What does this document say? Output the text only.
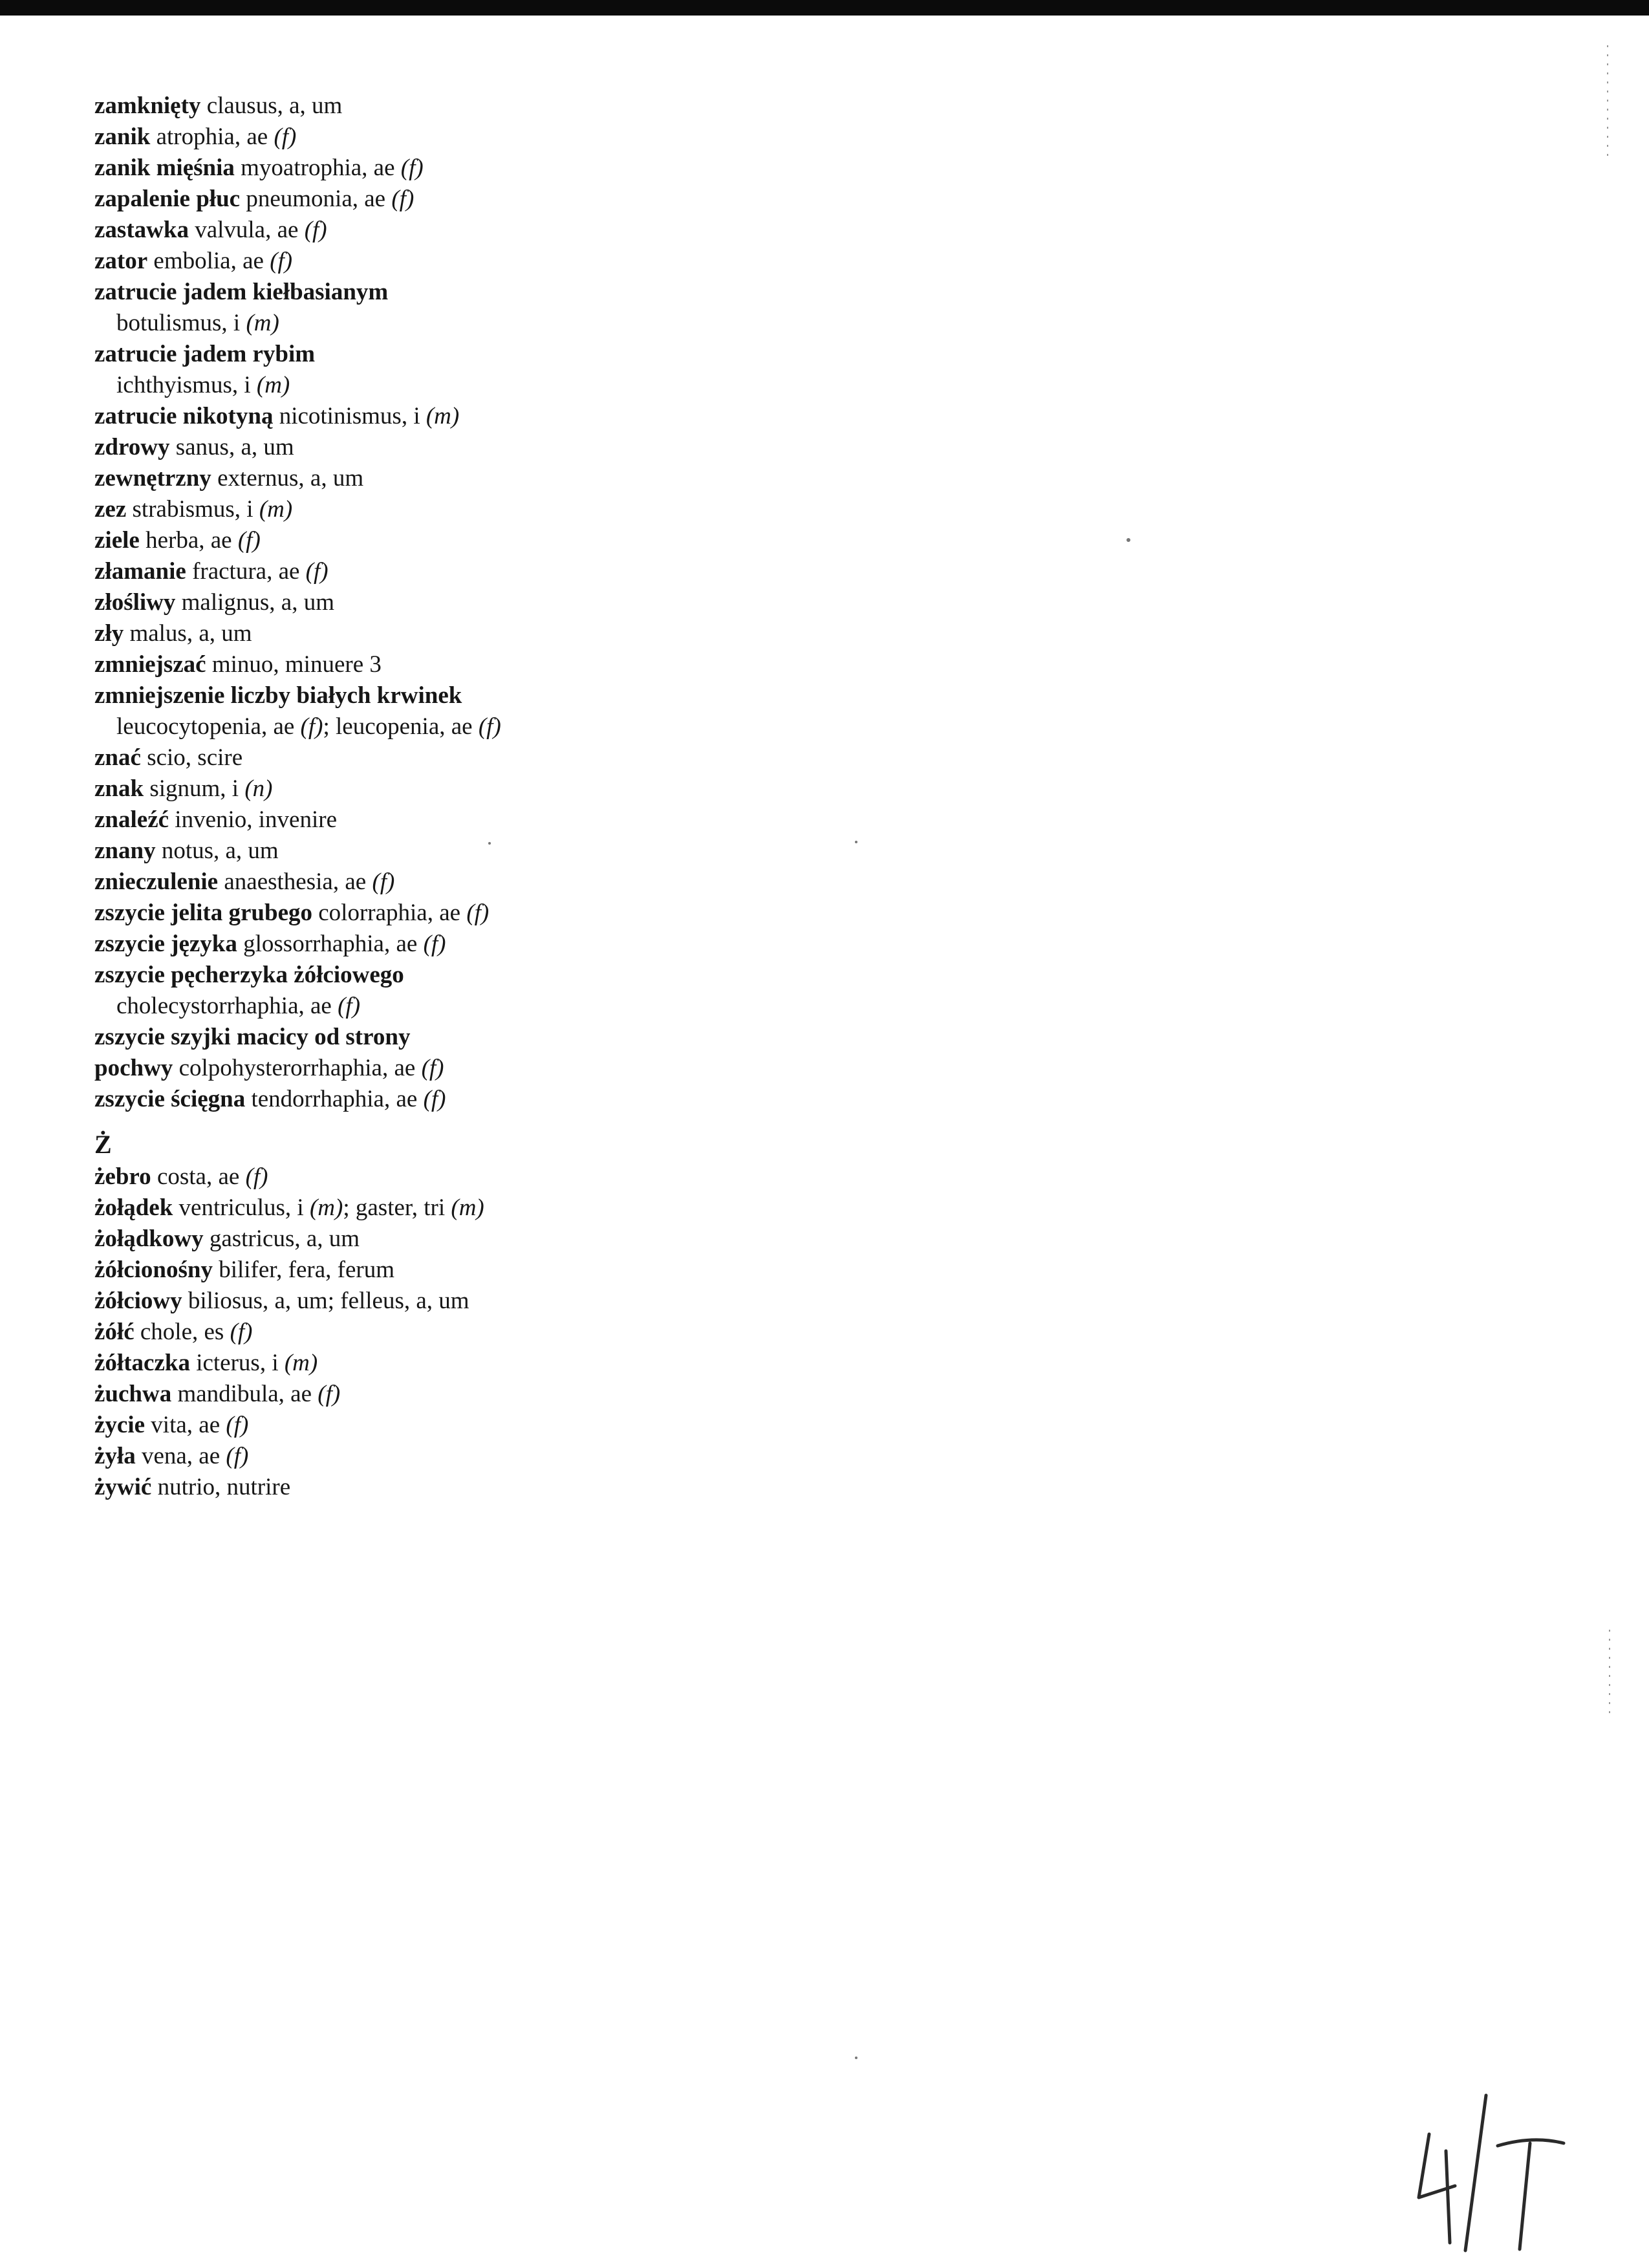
zamknięty clausus, a, um
zanik atrophia, ae (f)
zanik mięśnia myoatrophia, ae (f)
zapalenie płuc pneumonia, ae (f)
zastawka valvula, ae (f)
zator embolia, ae (f)
zatrucie jadem kiełbasianym
botulismus, i (m)
zatrucie jadem rybim
ichthyismus, i (m)
zatrucie nikotyną nicotinismus, i (m)
zdrowy sanus, a, um
zewnętrzny externus, a, um
zez strabismus, i (m)
ziele herba, ae (f)
złamanie fractura, ae (f)
złośliwy malignus, a, um
zły malus, a, um
zmniejszać minuo, minuere 3
zmniejszenie liczby białych krwinek
leucocytopenia, ae (f); leucopenia, ae (f)
znać scio, scire
znak signum, i (n)
znaleźć invenio, invenire
znany notus, a, um
znieczulenie anaesthesia, ae (f)
zszycie jelita grubego colorraphia, ae (f)
zszycie języka glossorrhaphia, ae (f)
zszycie pęcherzyka żółciowego
cholecystorrhaphia, ae (f)
zszycie szyjki macicy od strony
pochwy colpohysterorrhaphia, ae (f)
zszycie ścięgna tendorrhaphia, ae (f)
Ż
żebro costa, ae (f)
żołądek ventriculus, i (m); gaster, tri (m)
żołądkowy gastricus, a, um
żółcionośny bilifer, fera, ferum
żółciowy biliosus, a, um; felleus, a, um
żółć chole, es (f)
żółtaczka icterus, i (m)
żuchwa mandibula, ae (f)
życie vita, ae (f)
żyła vena, ae (f)
żywić nutrio, nutrire
